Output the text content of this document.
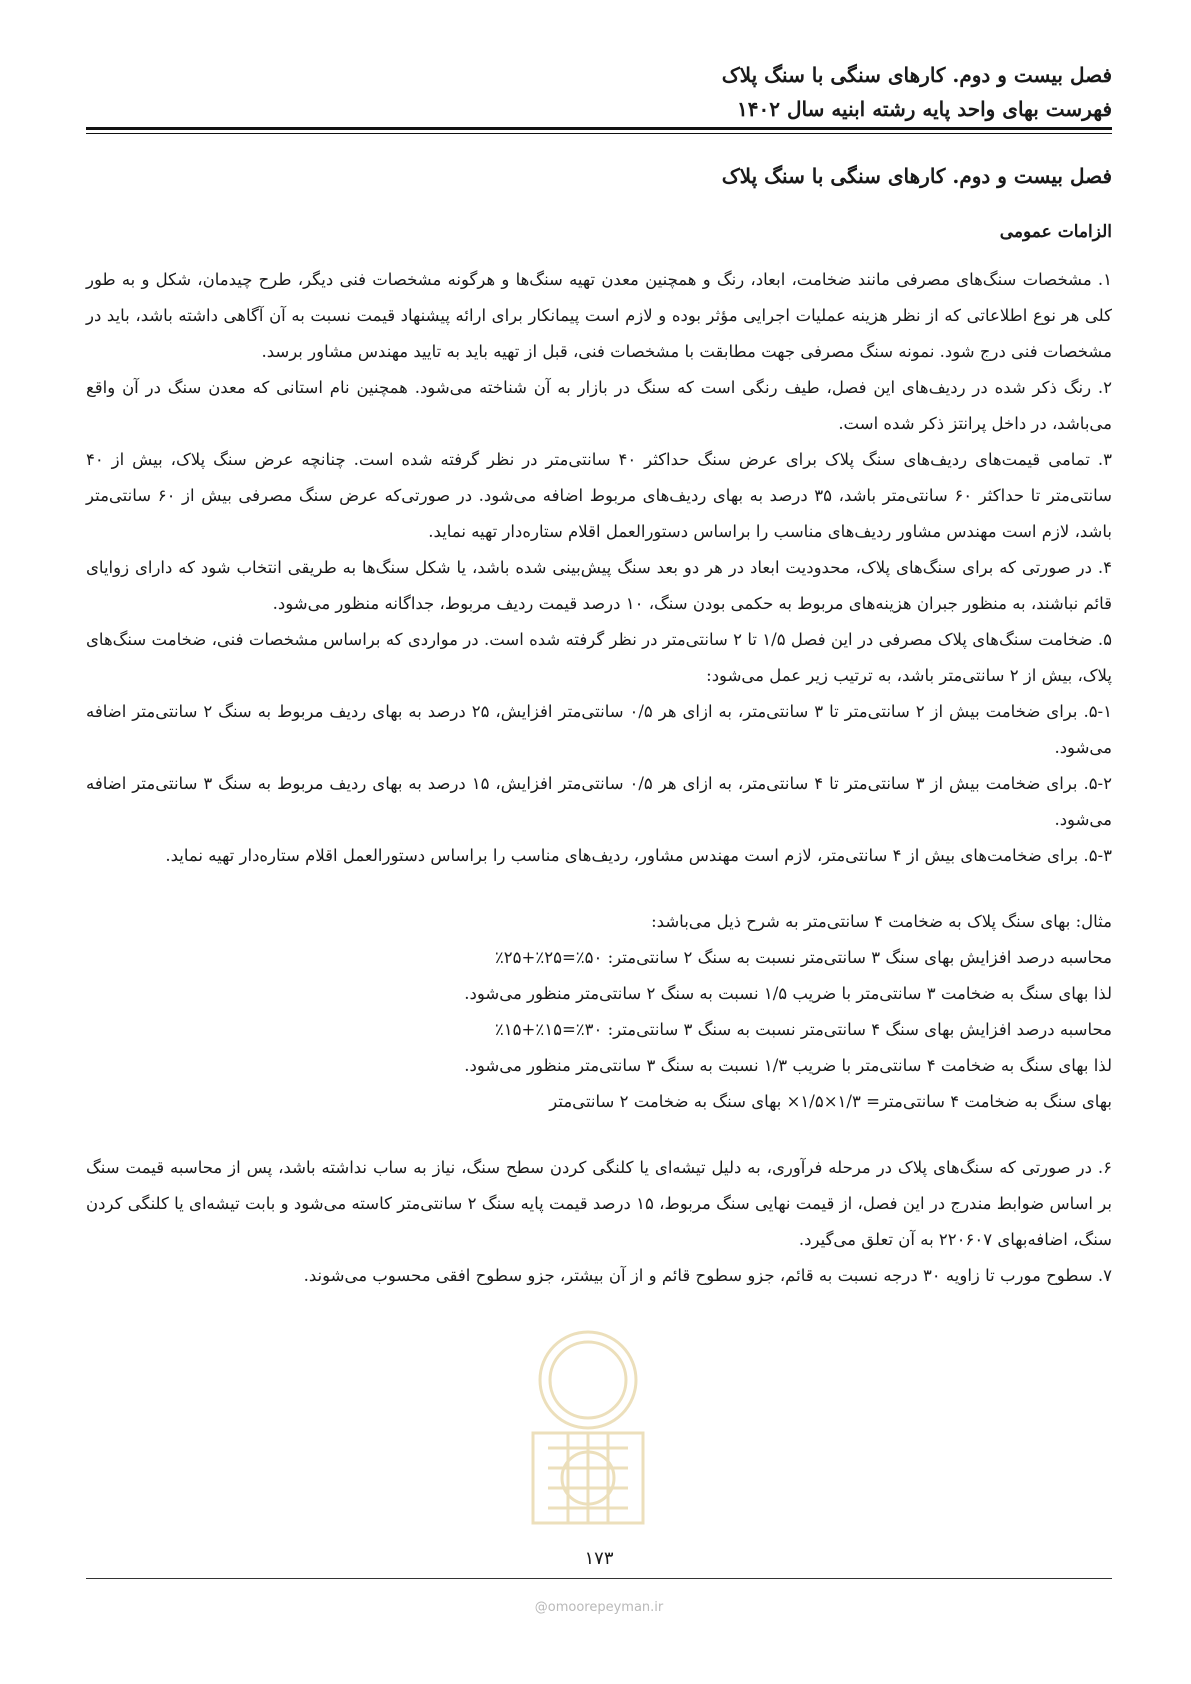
فصل بیست و دوم. کارهای سنگی با سنگ پلاک
فهرست بهای واحد پایه رشته ابنیه سال ۱۴۰۲
فصل بیست و دوم. کارهای سنگی با سنگ پلاک
الزامات عمومی

۱. مشخصات سنگ‌های مصرفی مانند ضخامت، ابعاد، رنگ و همچنین معدن تهیه سنگ‌ها و هرگونه مشخصات فنی دیگر، طرح چیدمان، شکل و به طور کلی هر نوع اطلاعاتی که از نظر هزینه عملیات اجرایی مؤثر بوده و لازم است پیمانکار برای ارائه پیشنهاد قیمت نسبت به آن آگاهی داشته باشد، باید در مشخصات فنی درج شود. نمونه سنگ مصرفی جهت مطابقت با مشخصات فنی، قبل از تهیه باید به تایید مهندس مشاور برسد.

۲. رنگ ذکر شده در ردیف‌های این فصل، طیف رنگی است که سنگ در بازار به آن شناخته می‌شود. همچنین نام استانی که معدن سنگ در آن واقع می‌باشد، در داخل پرانتز ذکر شده است.

۳. تمامی قیمت‌های ردیف‌های سنگ پلاک برای عرض سنگ حداکثر ۴۰ سانتی‌متر در نظر گرفته شده است. چنانچه عرض سنگ پلاک، بیش از ۴۰ سانتی‌متر تا حداکثر ۶۰ سانتی‌متر باشد، ۳۵ درصد به بهای ردیف‌های مربوط اضافه می‌شود. در صورتی‌که عرض سنگ مصرفی بیش از ۶۰ سانتی‌متر باشد، لازم است مهندس مشاور ردیف‌های مناسب را براساس دستورالعمل اقلام ستاره‌دار تهیه نماید.

۴. در صورتی که برای سنگ‌های پلاک، محدودیت ابعاد در هر دو بعد سنگ پیش‌بینی شده باشد، یا شکل سنگ‌ها به طریقی انتخاب شود که دارای زوایای قائم نباشند، به منظور جبران هزینه‌های مربوط به حکمی بودن سنگ، ۱۰ درصد قیمت ردیف مربوط، جداگانه منظور می‌شود.

۵. ضخامت سنگ‌های پلاک مصرفی در این فصل ۱/۵ تا ۲ سانتی‌متر در نظر گرفته شده است. در مواردی که براساس مشخصات فنی، ضخامت سنگ‌های پلاک، بیش از ۲ سانتی‌متر باشد، به ترتیب زیر عمل می‌شود:

۵-۱. برای ضخامت بیش از ۲ سانتی‌متر تا ۳ سانتی‌متر، به ازای هر ۰/۵ سانتی‌متر افزایش، ۲۵ درصد به بهای ردیف مربوط به سنگ ۲ سانتی‌متر اضافه می‌شود.

۵-۲. برای ضخامت بیش از ۳ سانتی‌متر تا ۴ سانتی‌متر، به ازای هر ۰/۵ سانتی‌متر افزایش، ۱۵ درصد به بهای ردیف مربوط به سنگ ۳ سانتی‌متر اضافه می‌شود.

۵-۳. برای ضخامت‌های بیش از ۴ سانتی‌متر، لازم است مهندس مشاور، ردیف‌های مناسب را براساس دستورالعمل اقلام ستاره‌دار تهیه نماید.

مثال: بهای سنگ پلاک به ضخامت ۴ سانتی‌متر به شرح ذیل می‌باشد:

محاسبه درصد افزایش بهای سنگ ۳ سانتی‌متر نسبت به سنگ ۲ سانتی‌متر: ۵۰٪=۲۵٪+۲۵٪

لذا بهای سنگ به ضخامت ۳ سانتی‌متر با ضریب ۱/۵ نسبت به سنگ ۲ سانتی‌متر منظور می‌شود.

محاسبه درصد افزایش بهای سنگ ۴ سانتی‌متر نسبت به سنگ ۳ سانتی‌متر: ۳۰٪=۱۵٪+۱۵٪

لذا بهای سنگ به ضخامت ۴ سانتی‌متر با ضریب ۱/۳ نسبت به سنگ ۳ سانتی‌متر منظور می‌شود.

بهای سنگ به ضخامت ۴ سانتی‌متر= ۱/۳×۱/۵× بهای سنگ به ضخامت ۲ سانتی‌متر

۶. در صورتی که سنگ‌های پلاک در مرحله فرآوری، به دلیل تیشه‌ای یا کلنگی کردن سطح سنگ، نیاز به ساب نداشته باشد، پس از محاسبه قیمت سنگ بر اساس ضوابط مندرج در این فصل، از قیمت نهایی سنگ مربوط، ۱۵ درصد قیمت پایه سنگ ۲ سانتی‌متر کاسته می‌شود و بابت تیشه‌ای یا کلنگی کردن سنگ، اضافه‌بهای ۲۲۰۶۰۷ به آن تعلق می‌گیرد.

۷. سطوح مورب تا زاویه ۳۰ درجه نسبت به قائم، جزو سطوح قائم و از آن بیشتر، جزو سطوح افقی محسوب می‌شوند.

۱۷۳
@omoorepeyman.ir
